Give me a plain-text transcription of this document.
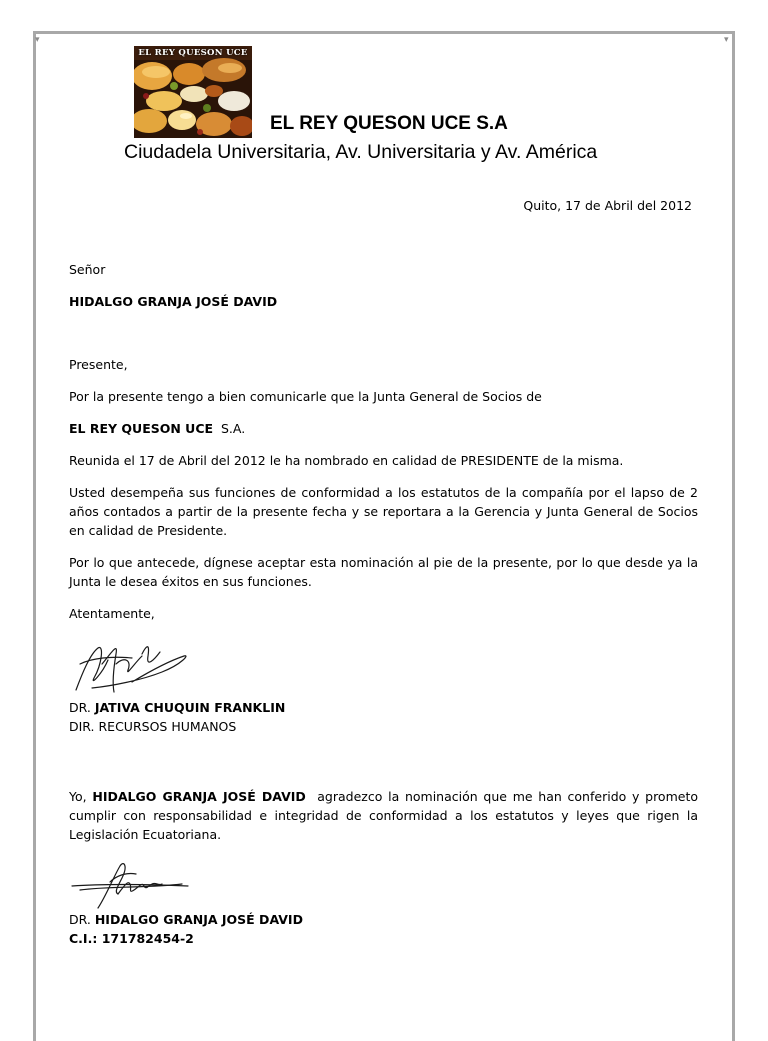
▾	▾
EL REY QUESON UCE
EL REY QUESON UCE S.A
Ciudadela Universitaria, Av. Universitaria y Av. América
Quito, 17 de Abril del 2012
Señor
HIDALGO GRANJA JOSÉ DAVID
Presente,
Por la presente tengo a bien comunicarle que la Junta General de Socios de
EL REY QUESON UCE S.A.
Reunida el 17 de Abril del 2012 le ha nombrado en calidad de PRESIDENTE de la misma.
Usted desempeña sus funciones de conformidad a los estatutos de la compañía por el lapso de 2 años contados a partir de la presente fecha y se reportara a la Gerencia y Junta General de Socios en calidad de Presidente.
Por lo que antecede, dígnese aceptar esta nominación al pie de la presente, por lo que desde ya la Junta le desea éxitos en sus funciones.
Atentamente,
DR. JATIVA CHUQUIN FRANKLIN
DIR. RECURSOS HUMANOS
Yo, HIDALGO GRANJA JOSÉ DAVID agradezco la nominación que me han conferido y prometo cumplir con responsabilidad e integridad de conformidad a los estatutos y leyes que rigen la Legislación Ecuatoriana.
DR. HIDALGO GRANJA JOSÉ DAVID
C.I.: 171782454-2
